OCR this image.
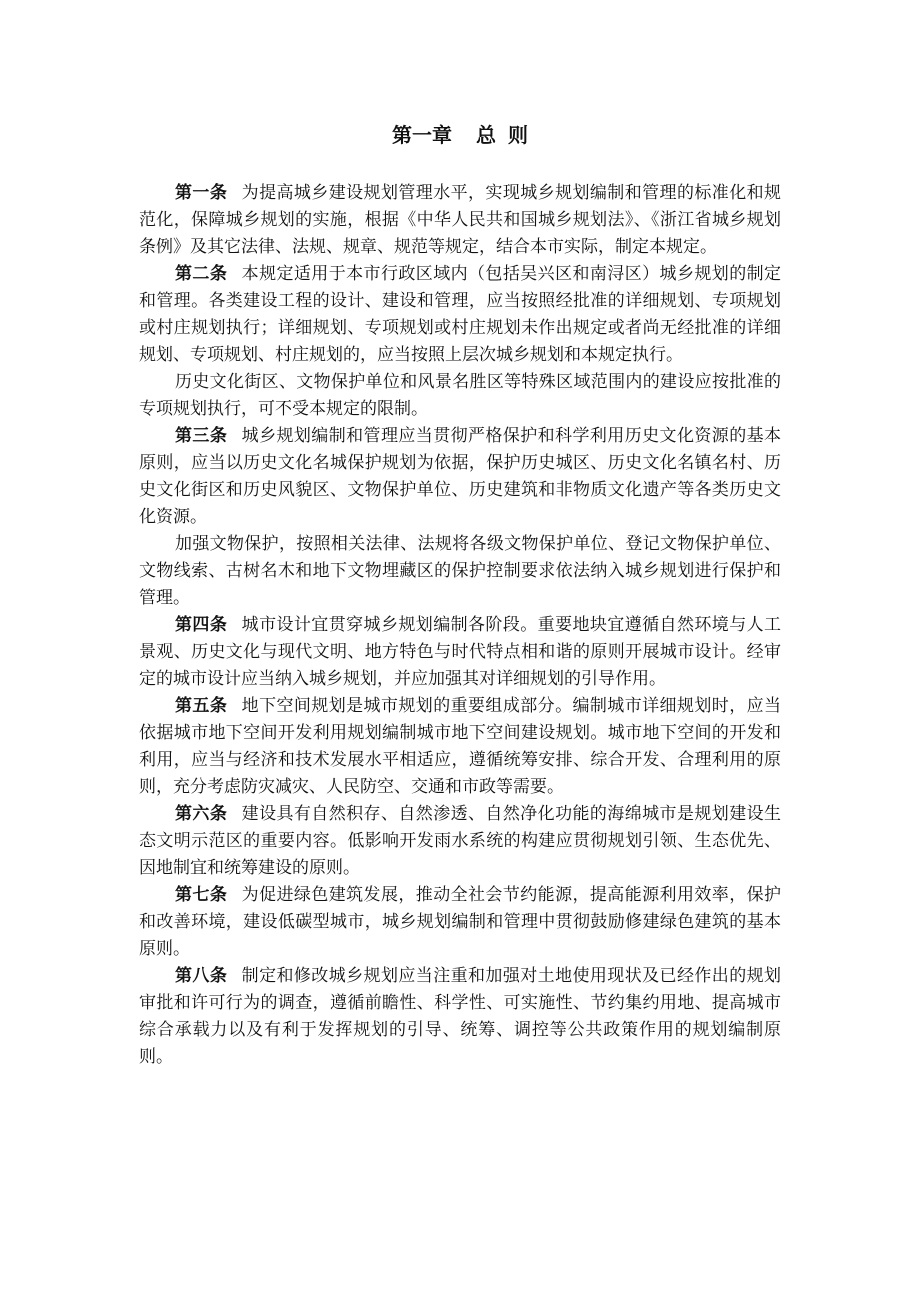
第一章 总 则

第一条 为提高城乡建设规划管理水平，实现城乡规划编制和管理的标准化和规范化，保障城乡规划的实施，根据《中华人民共和国城乡规划法》、《浙江省城乡规划条例》及其它法律、法规、规章、规范等规定，结合本市实际，制定本规定。

第二条 本规定适用于本市行政区域内（包括吴兴区和南浔区）城乡规划的制定和管理。各类建设工程的设计、建设和管理，应当按照经批准的详细规划、专项规划或村庄规划执行；详细规划、专项规划或村庄规划未作出规定或者尚无经批准的详细规划、专项规划、村庄规划的，应当按照上层次城乡规划和本规定执行。

历史文化街区、文物保护单位和风景名胜区等特殊区域范围内的建设应按批准的专项规划执行，可不受本规定的限制。

第三条 城乡规划编制和管理应当贯彻严格保护和科学利用历史文化资源的基本原则，应当以历史文化名城保护规划为依据，保护历史城区、历史文化名镇名村、历史文化街区和历史风貌区、文物保护单位、历史建筑和非物质文化遗产等各类历史文化资源。

加强文物保护，按照相关法律、法规将各级文物保护单位、登记文物保护单位、文物线索、古树名木和地下文物埋藏区的保护控制要求依法纳入城乡规划进行保护和管理。

第四条 城市设计宜贯穿城乡规划编制各阶段。重要地块宜遵循自然环境与人工景观、历史文化与现代文明、地方特色与时代特点相和谐的原则开展城市设计。经审定的城市设计应当纳入城乡规划，并应加强其对详细规划的引导作用。

第五条 地下空间规划是城市规划的重要组成部分。编制城市详细规划时，应当依据城市地下空间开发利用规划编制城市地下空间建设规划。城市地下空间的开发和利用，应当与经济和技术发展水平相适应，遵循统筹安排、综合开发、合理利用的原则，充分考虑防灾减灾、人民防空、交通和市政等需要。

第六条 建设具有自然积存、自然渗透、自然净化功能的海绵城市是规划建设生态文明示范区的重要内容。低影响开发雨水系统的构建应贯彻规划引领、生态优先、因地制宜和统筹建设的原则。

第七条 为促进绿色建筑发展，推动全社会节约能源，提高能源利用效率，保护和改善环境，建设低碳型城市，城乡规划编制和管理中贯彻鼓励修建绿色建筑的基本原则。

第八条 制定和修改城乡规划应当注重和加强对土地使用现状及已经作出的规划审批和许可行为的调查，遵循前瞻性、科学性、可实施性、节约集约用地、提高城市综合承载力以及有利于发挥规划的引导、统筹、调控等公共政策作用的规划编制原则。
